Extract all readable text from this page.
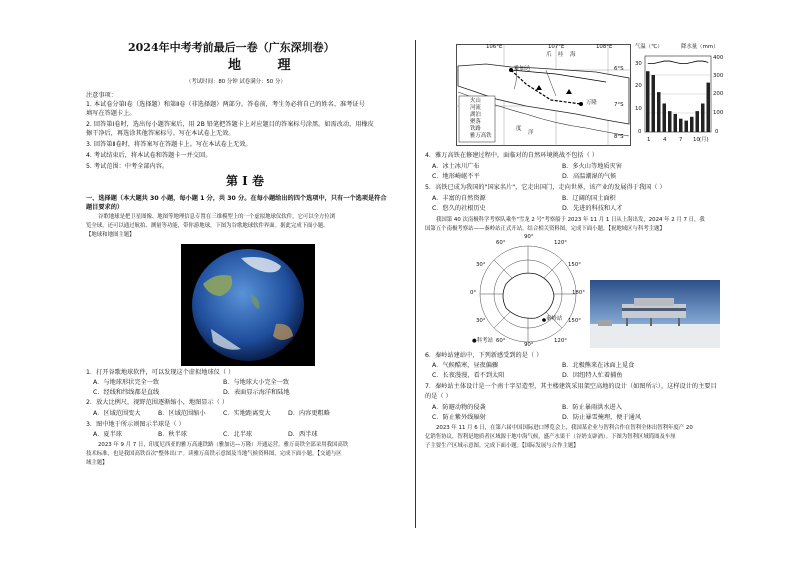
2024年中考考前最后一卷（广东深圳卷）
地 理
（考试时间：80 分钟 试卷满分：50 分）
注意事项：
1. 本试卷分第Ⅰ卷（选择题）和第Ⅱ卷（非选择题）两部分。答卷前，考生务必将自己的姓名、准考证号
填写在答题卡上。
2. 回答第Ⅰ卷时，选出每小题答案后，用 2B 铅笔把答题卡上对应题目的答案标号涂黑。如需改动，用橡皮
擦干净后，再选涂其他答案标号。写在本试卷上无效。
3. 回答第Ⅱ卷时，将答案写在答题卡上。写在本试卷上无效。
4. 考试结束后，将本试卷和答题卡一并交回。
5. 考试范围：中考全部内容。
第 I 卷
一、选择题（本大题共 30 小题，每小题 1 分，共 30 分。在每小题给出的四个选项中，只有一个选项是符合
题目要求的）
谷歌地球是把卫星图像、地图等地理信息专置在三维模型上的一个虚拟地球仪软件，它可以全方位浏
览全球，还可以通过航拍、测量等功能，带你游地球。下图为谷歌地球软件界面。据此完成下面小题。
【地球和地图主题】
1．打开谷歌地球软件，可以发现这个虚拟地球仪（ ）
A．与地球形状完全一致	B．与地球大小完全一致
C．经线和纬线都是直线	D．表面显示海洋和陆地
2．放大比例尺，视野范围逐渐缩小，地图显示（ ）
A．区域范围变大	B．区域范围缩小	C．实地距离变大	D．内容更粗略
3．图中地于所示则图示半球是（ ）
A．夏半球	B．秋半球	C．北半球	D．西半球
2023 年 9 月 7 日，印度尼西亚的雅万高速铁路（雅加达—万隆）开通运营，雅万高铁全部采用我国高铁
技术标准，也是我国高铁首次"整体出口"。读雅万高铁示意图及当地气候资料图，完成下面小题。【交通与区
域主题】
106°E	107°E	108°E
6°S
7°S
8°S
雅加达
爪 哇 海
万隆
度
洋
火山
河流
湖泊
聚落
铁路
雅万高铁
气温（℃）	降水量（mm）
30
20
10
0
400
300
200
100
0
1 4 7 10 (月)
4．雅万高铁在修建过程中，面临对的自然环境挑战不包括（ ）
A．冰土冰川广布	B．多火山等地质灾害
C．地形崎岖不平	D．高温潮湿的气候
5．高铁已成为我国的"国家名片"，它走出国门，走向世界，该产业的发展得于我国（ ）
A．丰富的自然资源	B．辽阔的国土面积
C．悠久的社根历史	D．先进的科技和人才
我国第 40 次南极科学考察队乘坐"雪龙 2 号"考察船于 2023 年 11 月 1 日从上海出发，2024 年 2 月 7 日，我
国第五个南极考察站——秦岭站正式开站。结合相关资料图，完成下面小题。【祝地域区与科考主题】
60°
90°
120°
30°	150°
0°	180°
30°	150°
60°	120°
90°
秦岭站
●科考站
6．秦岭站建站中，下列新感受到的是（ ）
A．气候酷寒，昼夜偏骤	B．北极熊来在冰面上觅食
C．长夜漫漫，看不到太阳	D．因纽特人忙着捕鱼
7．秦岭站主体设计是一个南十字星造型，其主楼建筑采用架空高地的设计（如图所示），这样设计的主要目
的是（ ）
A．防避动物的侵袭	B．防止暴雨洪水进入
C．防止紫外线辐射	D．防止暴雪掩埋，便于通风
2023 年 11 月 6 日，在第六届中国国际进口博览会上，我国某企业与智利合作在智利全体出智利年度产 20
亿销售协议，智利是地质者区域源于地中海气候，盛产水果干（谷奶支辟酒）。下图为智利区域简图及车厘
子主要生产区域示意图。完成下面小题。【国际发展与合作主题】
